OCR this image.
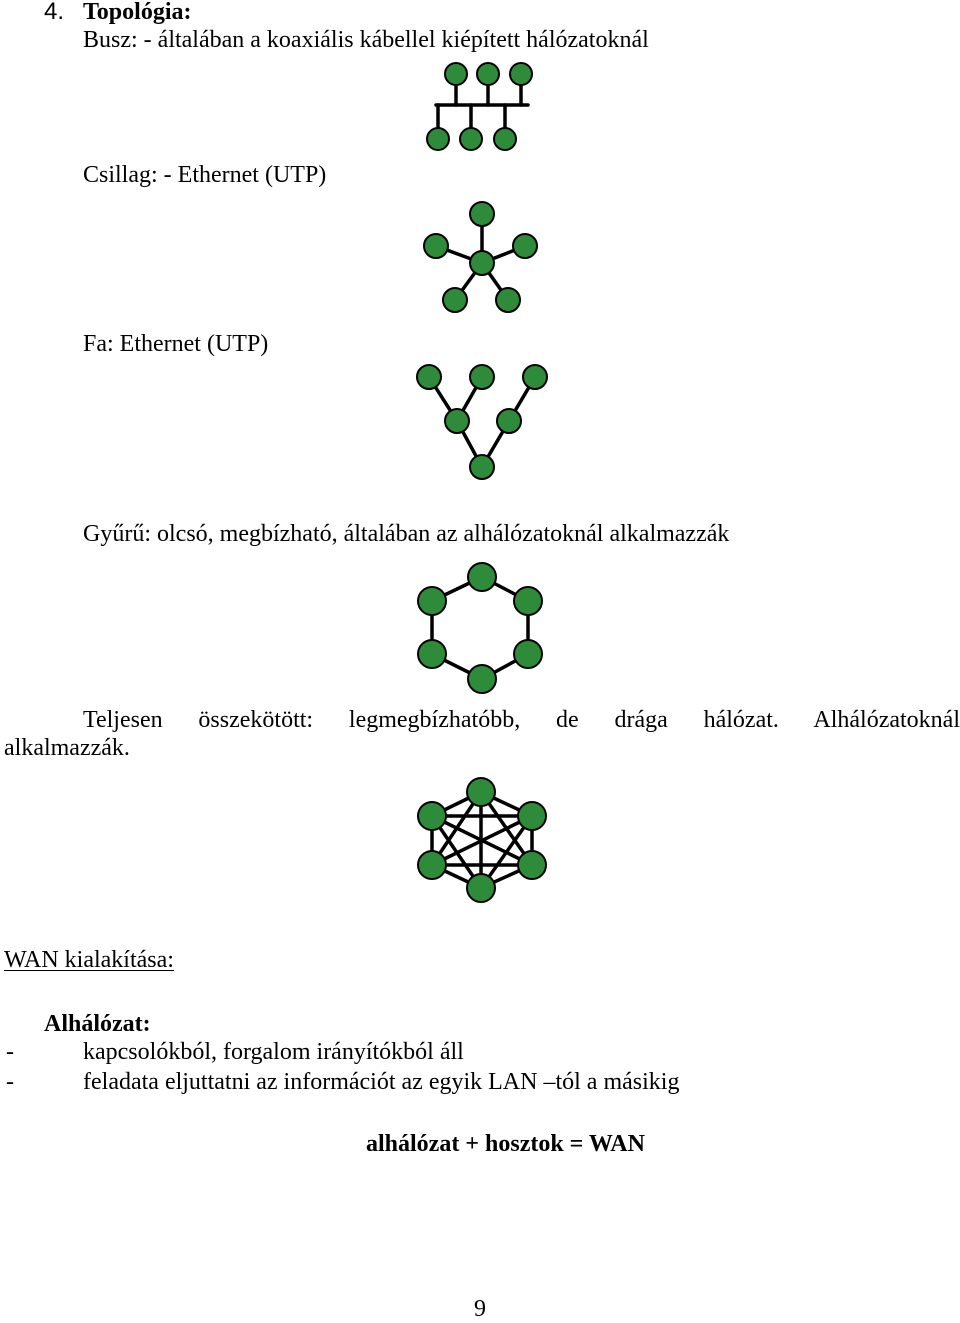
4. Topológia:
Busz: - általában a koaxiális kábellel kiépített hálózatoknál
Csillag: - Ethernet (UTP)
Fa: Ethernet (UTP)
Gyűrű: olcsó, megbízható, általában az alhálózatoknál alkalmazzák
Teljesen összekötött: legmegbízhatóbb, de drága hálózat. Alhálózatoknál
alkalmazzák.
WAN kialakítása:
Alhálózat:
-	kapcsolókból, forgalom irányítókból áll
-	feladata eljuttatni az információt az egyik LAN –tól a másikig
alhálózat + hosztok = WAN
9
